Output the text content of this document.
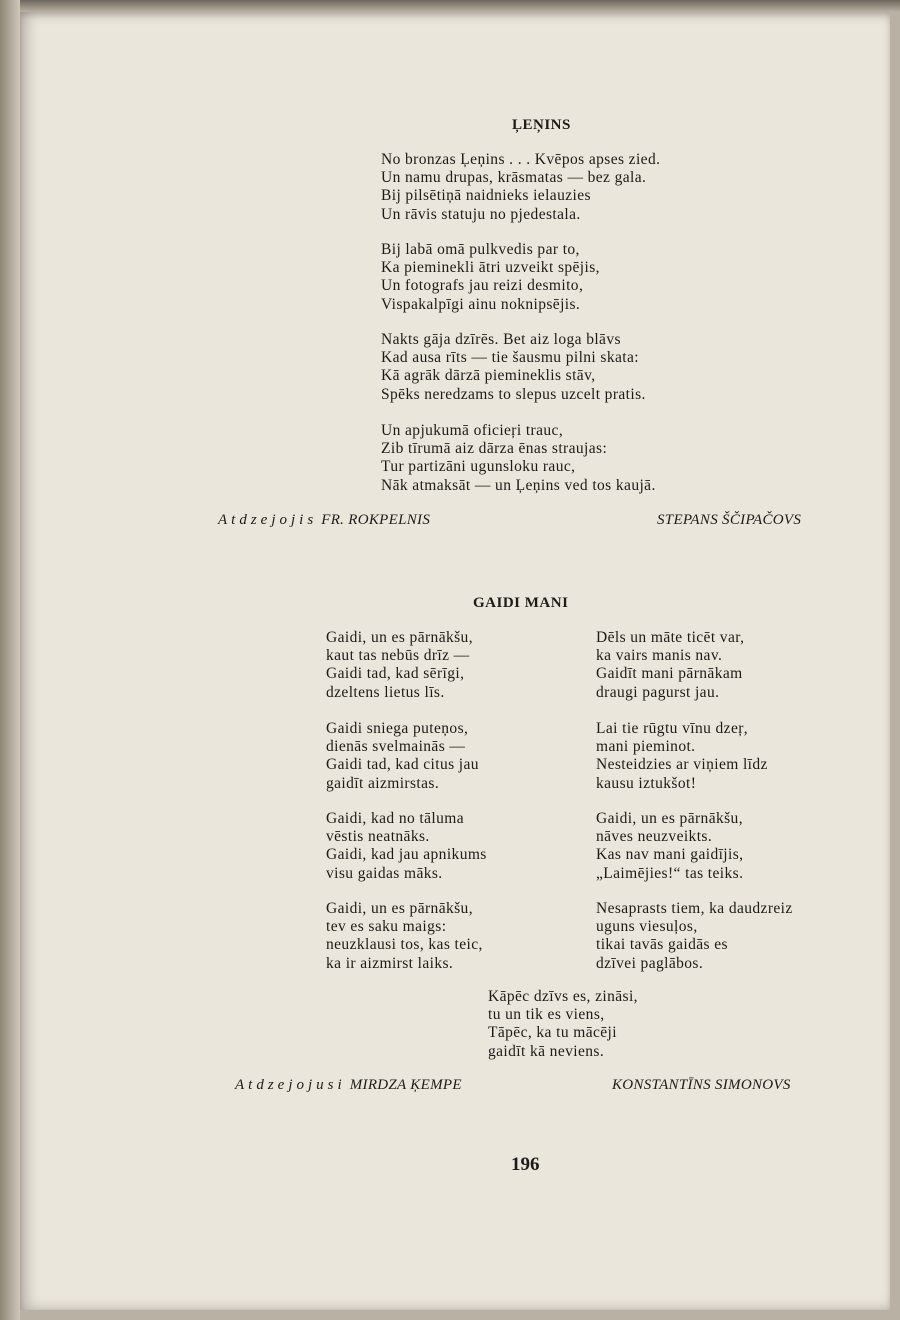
ĻEŅINS
No bronzas Ļeņins . . . Kvēpos apses zied.
Un namu drupas, krāsmatas — bez gala.
Bij pilsētiņā naidnieks ielauzies
Un rāvis statuju no pjedestala.
Bij labā omā pulkvedis par to,
Ka pieminekli ātri uzveikt spējis,
Un fotografs jau reizi desmito,
Vispakalpīgi ainu noknipsējis.
Nakts gāja dzīrēs. Bet aiz loga blāvs
Kad ausa rīts — tie šausmu pilni skata:
Kā agrāk dārzā piemineklis stāv,
Spēks neredzams to slepus uzcelt pratis.
Un apjukumā oficieŗi trauc,
Zib tīrumā aiz dārza ēnas straujas:
Tur partizāni ugunsloku rauc,
Nāk atmaksāt — un Ļeņins ved tos kaujā.
Atdzejojis FR. ROKPELNIS	STEPANS ŠČIPAČOVS
GAIDI MANI
Gaidi, un es pārnākšu,
kaut tas nebūs drīz —
Gaidi tad, kad sērīgi,
dzeltens lietus līs.
Gaidi sniega puteņos,
dienās svelmainās —
Gaidi tad, kad citus jau
gaidīt aizmirstas.
Gaidi, kad no tāluma
vēstis neatnāks.
Gaidi, kad jau apnikums
visu gaidas māks.
Gaidi, un es pārnākšu,
tev es saku maigs:
neuzklausi tos, kas teic,
ka ir aizmirst laiks.
Dēls un māte ticēt var,
ka vairs manis nav.
Gaidīt mani pārnākam
draugi pagurst jau.
Lai tie rūgtu vīnu dzeŗ,
mani pieminot.
Nesteidzies ar viņiem līdz
kausu iztukšot!
Gaidi, un es pārnākšu,
nāves neuzveikts.
Kas nav mani gaidījis,
„Laimējies!“ tas teiks.
Nesaprasts tiem, ka daudzreiz
uguns viesuļos,
tikai tavās gaidās es
dzīvei paglābos.
Kāpēc dzīvs es, zināsi,
tu un tik es viens,
Tāpēc, ka tu mācēji
gaidīt kā neviens.
Atdzejojusi MIRDZA ĶEMPE	KONSTANTĪNS SIMONOVS
196
